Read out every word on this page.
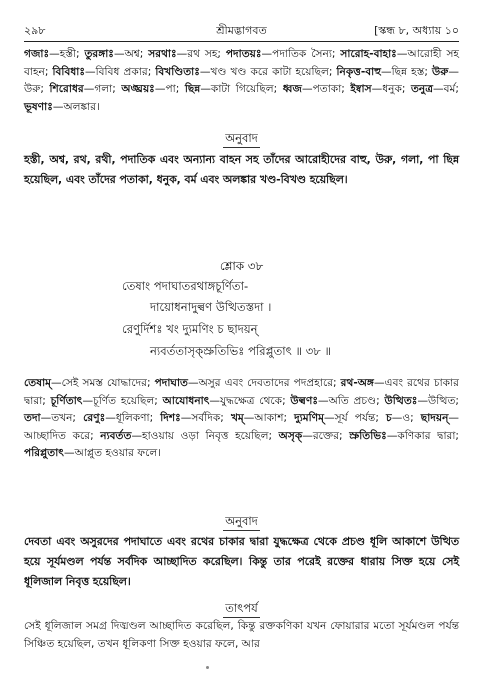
২৯৮	শ্রীমদ্ভাগবত	[স্কন্ধ ৮, অধ্যায় ১০

গজাঃ—হস্তী; তুরঙ্গাঃ—অশ্ব; সরথাঃ—রথ সহ; পদাতয়ঃ—পদাতিক সৈন্য; সারোহ-বাহাঃ—আরোহী সহ বাহন; বিবিধাঃ—বিবিধ প্রকার; বিখণ্ডিতাঃ—খণ্ড খণ্ড করে কাটা হয়েছিল; নিকৃত্ত-বাহু—ছিন্ন হস্ত; উরু—উরু; শিরোধর—গলা; অঙ্ঘ্রয়ঃ—পা; ছিন্ন—কাটা গিয়েছিল; ধ্বজ—পতাকা; ইষ্বাস—ধনুক; তনুত্র—বর্ম; ভূষণাঃ—অলঙ্কার।

অনুবাদ

হস্তী, অশ্ব, রথ, রথী, পদাতিক এবং অন্যান্য বাহন সহ তাঁদের আরোহীদের বাহু, উরু, গলা, পা ছিন্ন হয়েছিল, এবং তাঁদের পতাকা, ধনুক, বর্ম এবং অলঙ্কার খণ্ড-বিখণ্ড হয়েছিল।

শ্লোক ৩৮
তেষাং পদাঘাতরথাঙ্গচূর্ণিতা-
দায়োধনাদুল্বণ উত্থিতস্তদা ।
রেণুর্দিশঃ খং দ্যুমণিং চ ছাদয়ন্
ন্যবর্ততাসৃক্স্রুতিভিঃ পরিপ্লুতাৎ ॥ ৩৮ ॥

তেষাম্—সেই সমস্ত যোদ্ধাদের; পদাঘাত—অসুর এবং দেবতাদের পদপ্রহারে; রথ-অঙ্গ—এবং রথের চাকার দ্বারা; চূর্ণিতাৎ—চূর্ণিত হয়েছিল; আযোধনাৎ—যুদ্ধক্ষেত্র থেকে; উল্বণঃ—অতি প্রচণ্ড; উত্থিতঃ—উত্থিত; তদা—তখন; রেণুঃ—ধূলিকণা; দিশঃ—সর্বদিক; খম্—আকাশ; দ্যুমণিম্—সূর্য পর্যন্ত; চ—ও; ছাদয়ন্—আচ্ছাদিত করে; ন্যবর্তত—হাওয়ায় ওড়া নিবৃত্ত হয়েছিল; অসৃক্—রক্তের; স্রুতিভিঃ—কণিকার দ্বারা; পরিপ্লুতাৎ—আপ্লুত হওয়ার ফলে।

অনুবাদ

দেবতা এবং অসুরদের পদাঘাতে এবং রথের চাকার দ্বারা যুদ্ধক্ষেত্র থেকে প্রচণ্ড ধূলি আকাশে উত্থিত হয়ে সূর্যমণ্ডল পর্যন্ত সর্বদিক আচ্ছাদিত করেছিল। কিন্তু তার পরেই রক্তের ধারায় সিক্ত হয়ে সেই ধূলিজাল নিবৃত্ত হয়েছিল।

তাৎপর্য

সেই ধূলিজাল সমগ্র দিঙ্মণ্ডল আচ্ছাদিত করেছিল, কিন্তু রক্তকণিকা যখন ফোয়ারার মতো সূর্যমণ্ডল পর্যন্ত সিঞ্চিত হয়েছিল, তখন ধূলিকণা সিক্ত হওয়ার ফলে, আর
